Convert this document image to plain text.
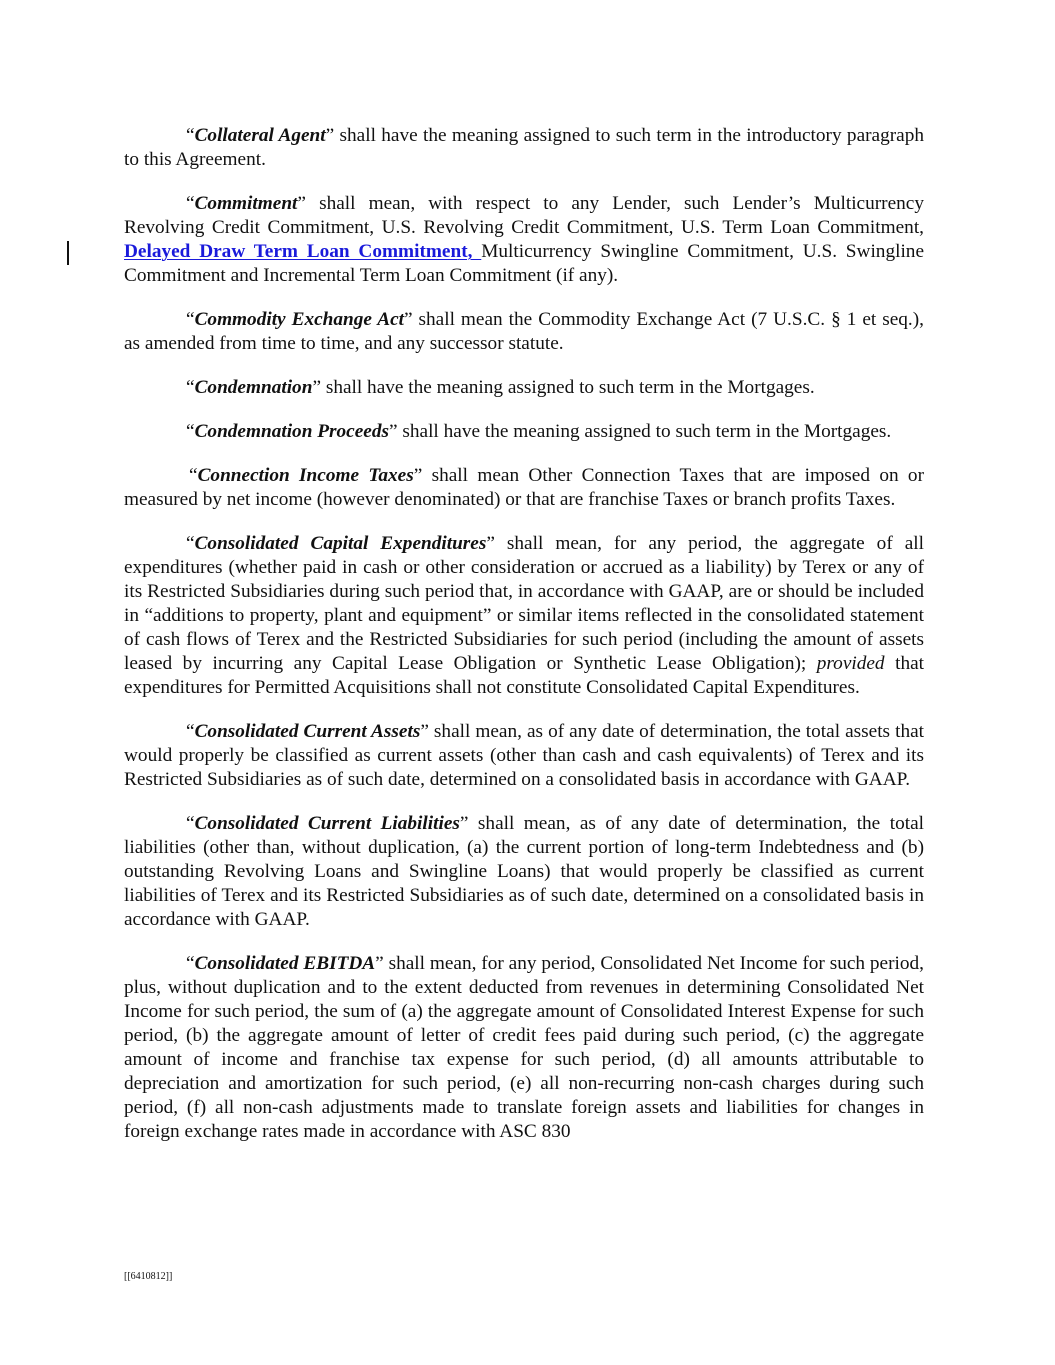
“Collateral Agent” shall have the meaning assigned to such term in the introductory paragraph to this Agreement.

“Commitment” shall mean, with respect to any Lender, such Lender’s Multicurrency Revolving Credit Commitment, U.S. Revolving Credit Commitment, U.S. Term Loan Commitment, Delayed Draw Term Loan Commitment, Multicurrency Swingline Commitment, U.S. Swingline Commitment and Incremental Term Loan Commitment (if any).

“Commodity Exchange Act” shall mean the Commodity Exchange Act (7 U.S.C. § 1 et seq.), as amended from time to time, and any successor statute.

“Condemnation” shall have the meaning assigned to such term in the Mortgages.

“Condemnation Proceeds” shall have the meaning assigned to such term in the Mortgages.

“Connection Income Taxes” shall mean Other Connection Taxes that are imposed on or measured by net income (however denominated) or that are franchise Taxes or branch profits Taxes.

“Consolidated Capital Expenditures” shall mean, for any period, the aggregate of all expenditures (whether paid in cash or other consideration or accrued as a liability) by Terex or any of its Restricted Subsidiaries during such period that, in accordance with GAAP, are or should be included in “additions to property, plant and equipment” or similar items reflected in the consolidated statement of cash flows of Terex and the Restricted Subsidiaries for such period (including the amount of assets leased by incurring any Capital Lease Obligation or Synthetic Lease Obligation); provided that expenditures for Permitted Acquisitions shall not constitute Consolidated Capital Expenditures.

“Consolidated Current Assets” shall mean, as of any date of determination, the total assets that would properly be classified as current assets (other than cash and cash equivalents) of Terex and its Restricted Subsidiaries as of such date, determined on a consolidated basis in accordance with GAAP.

“Consolidated Current Liabilities” shall mean, as of any date of determination, the total liabilities (other than, without duplication, (a) the current portion of long-term Indebtedness and (b) outstanding Revolving Loans and Swingline Loans) that would properly be classified as current liabilities of Terex and its Restricted Subsidiaries as of such date, determined on a consolidated basis in accordance with GAAP.

“Consolidated EBITDA” shall mean, for any period, Consolidated Net Income for such period, plus, without duplication and to the extent deducted from revenues in determining Consolidated Net Income for such period, the sum of (a) the aggregate amount of Consolidated Interest Expense for such period, (b) the aggregate amount of letter of credit fees paid during such period, (c) the aggregate amount of income and franchise tax expense for such period, (d) all amounts attributable to depreciation and amortization for such period, (e) all non-recurring non-cash charges during such period, (f) all non-cash adjustments made to translate foreign assets and liabilities for changes in foreign exchange rates made in accordance with ASC 830

[[6410812]]
